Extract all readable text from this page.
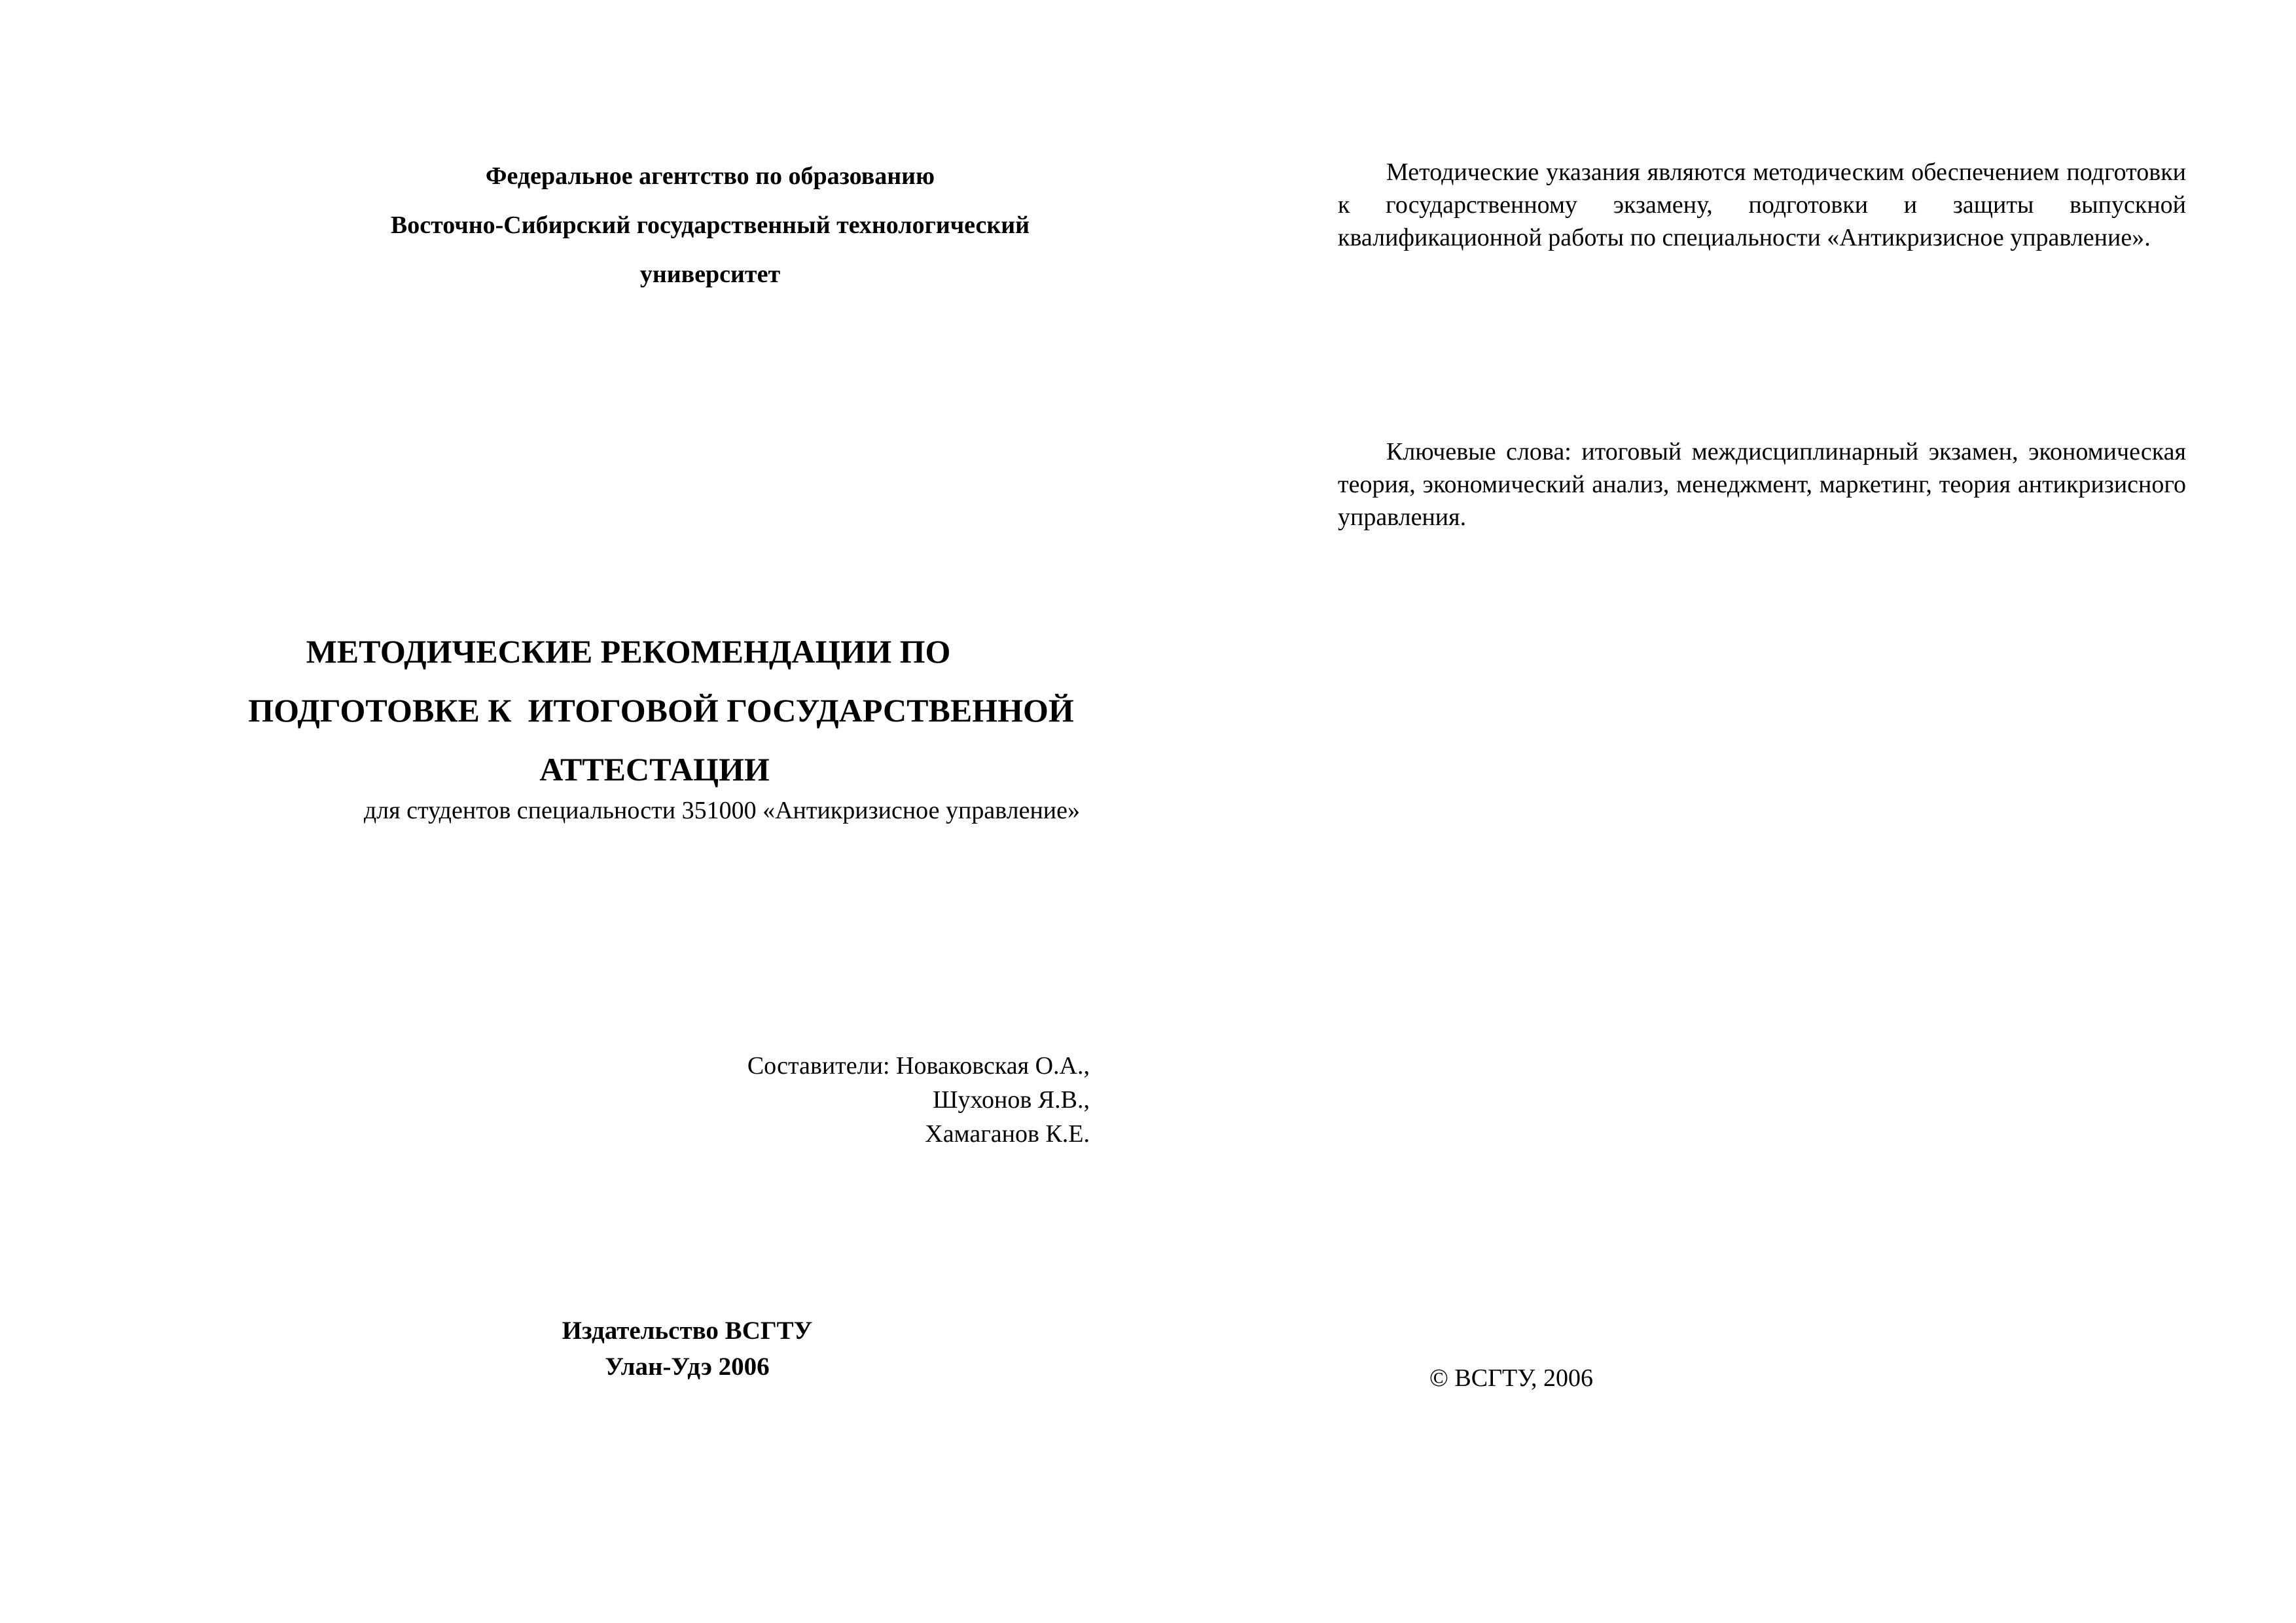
Федеральное агентство по образованию
Восточно-Сибирский государственный технологический
университет
МЕТОДИЧЕСКИЕ РЕКОМЕНДАЦИИ ПО
ПОДГОТОВКЕ К  ИТОГОВОЙ ГОСУДАРСТВЕННОЙ
АТТЕСТАЦИИ
для студентов специальности 351000 «Антикризисное управление»
Составители: Новаковская О.А.,
Шухонов Я.В.,
Хамаганов К.Е.
Издательство ВСГТУ
Улан-Удэ 2006

Методические указания являются методическим обеспечением подготовки к государственному экзамену, подготовки и защиты выпускной квалификационной работы по специальности «Антикризисное управление».

Ключевые слова: итоговый междисциплинарный экзамен, экономическая теория, экономический анализ, менеджмент, маркетинг, теория антикризисного управления.

© ВСГТУ, 2006
